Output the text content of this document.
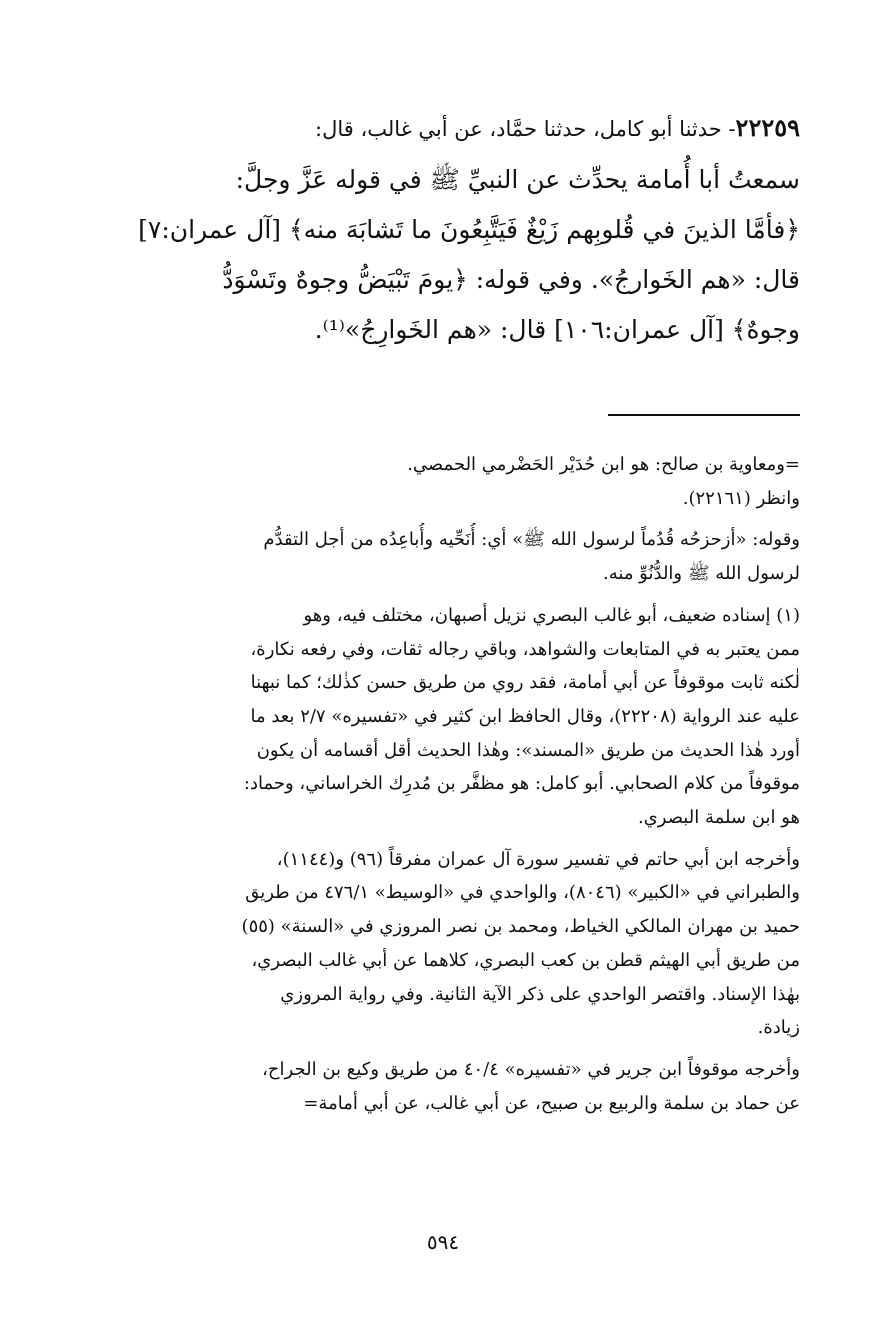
٢٢٢٥٩- حدثنا أبو كامل، حدثنا حمَّاد، عن أبي غالب، قال:
سمعتُ أبا أُمامة يحدِّث عن النبيِّ ﷺ في قوله عَزَّ وجلَّ:
﴿فأمَّا الذينَ في قُلوبِهم زَيْغٌ فَيَتَّبِعُونَ ما تَشابَهَ منه﴾ [آل عمران:٧]
قال: «هم الخَوارجُ». وفي قوله: ﴿يومَ تَبْيَضُّ وجوهٌ وتَسْوَدُّ
وجوهٌ﴾ [آل عمران:١٠٦] قال: «هم الخَوارِجُ»⁽¹⁾.
=ومعاوية بن صالح: هو ابن حُدَيْر الحَضْرمي الحمصي.
وانظر (٢٢١٦١).
وقوله: «أزحزحُه قُدُماً لرسول الله ﷺ» أي: أُنَحِّيه وأُباعِدُه من أجل التقدُّم
لرسول الله ﷺ والدُّنُوِّ منه.
(١) إسناده ضعيف، أبو غالب البصري نزيل أصبهان، مختلف فيه، وهو
ممن يعتبر به في المتابعات والشواهد، وباقي رجاله ثقات، وفي رفعه نكارة،
لٰكنه ثابت موقوفاً عن أبي أمامة، فقد روي من طريق حسن كذٰلك؛ كما نبهنا
عليه عند الرواية (٢٢٢٠٨)، وقال الحافظ ابن كثير في «تفسيره» ٢/٧ بعد ما
أورد هٰذا الحديث من طريق «المسند»: وهٰذا الحديث أقل أقسامه أن يكون
موقوفاً من كلام الصحابي. أبو كامل: هو مظفَّر بن مُدرِك الخراساني، وحماد:
هو ابن سلمة البصري.
وأخرجه ابن أبي حاتم في تفسير سورة آل عمران مفرقاً (٩٦) و(١١٤٤)،
والطبراني في «الكبير» (٨٠٤٦)، والواحدي في «الوسيط» ٤٧٦/١ من طريق
حميد بن مهران المالكي الخياط، ومحمد بن نصر المروزي في «السنة» (٥٥)
من طريق أبي الهيثم قطن بن كعب البصري، كلاهما عن أبي غالب البصري،
بهٰذا الإسناد. واقتصر الواحدي على ذكر الآية الثانية. وفي رواية المروزي
زيادة.
وأخرجه موقوفاً ابن جرير في «تفسيره» ٤٠/٤ من طريق وكيع بن الجراح،
عن حماد بن سلمة والربيع بن صبيح، عن أبي غالب، عن أبي أمامة=
٥٩٤
